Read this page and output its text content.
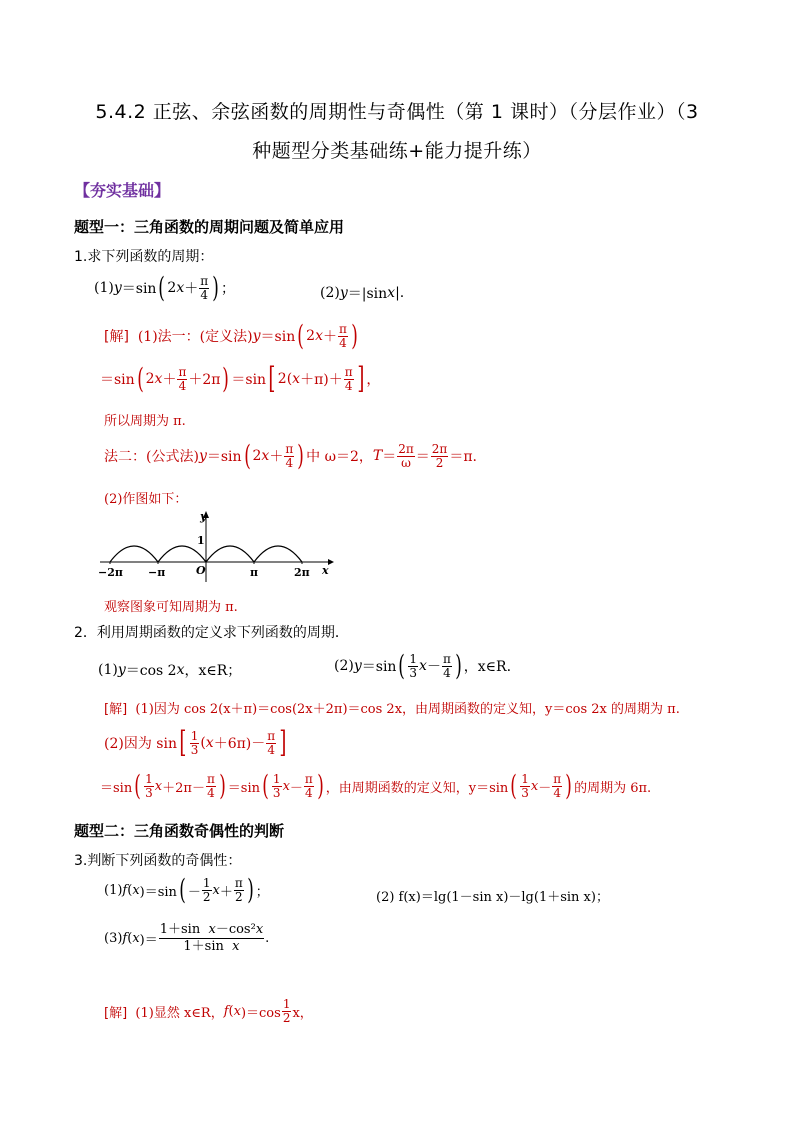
5.4.2 正弦、余弦函数的周期性与奇偶性（第 1 课时）（分层作业）（3
种题型分类基础练+能力提升练）
【夯实基础】
题型一：三角函数的周期问题及简单应用
1.求下列函数的周期：
(1) y ＝sin ( 2 $x + \frac{\pi}{4}$ ) ；	(2) y ＝|sin x |.
[解]
(1)法一：(定义法) y ＝sin ( 2 $x + \frac{\pi}{4}$ )
＝sin ( 2 $x + \frac{\pi}{4} +2\pi$ ) ＝sin [ 2( $x +\pi)+ \frac{\pi}{4}$ ] ，
所以周期为 π.
法二：(公式法) y ＝sin ( 2 $x + \frac{\pi}{4}$ ) 中 ω＝2， $T = \frac{2\pi}{\omega} = \frac{2\pi}{2} =\pi$.
(2)作图如下：
y
x
1
O
−2π −π	π	2π
观察图象可知周期为 π.
2．利用周期函数的定义求下列函数的周期．
(1) y ＝cos 2 x ，x∈R；	(2) y ＝sin ( $\frac{1}{3}$ $x - \frac{\pi}{4}$ ) ，x∈R.
[解]
(1)因为 cos 2(x＋π)＝cos(2x＋2π)＝cos 2x，由周期函数的定义知，y＝cos 2x 的周期为 π.
(2)因为 sin [ $\frac{1}{3}$ ( $x +6\pi)- \frac{\pi}{4}$ ]
＝sin ( $\frac{1}{3}$ $x +2\pi- \frac{\pi}{4}$ ) ＝sin ( $\frac{1}{3}$ $x - \frac{\pi}{4}$ ) ，由周期函数的定义知，y＝sin ( $\frac{1}{3}$ $x - \frac{\pi}{4}$ ) 的周期为 6π.
题型二：三角函数奇偶性的判断
3.判断下列函数的奇偶性：
(1) f ( x )＝sin ( － $\frac{1}{2}$ $x + \frac{\pi}{2}$ ) ；	(2) f(x)＝lg(1－sin x)－lg(1＋sin x)；
(3) f ( x )＝ $\frac{\text{1＋sin  x－cos²x}}{\text{1＋sin  x}}$ .
[解]
(1)显然 x∈R， f ( x )$=\cos \frac{1}{2}$ x，
